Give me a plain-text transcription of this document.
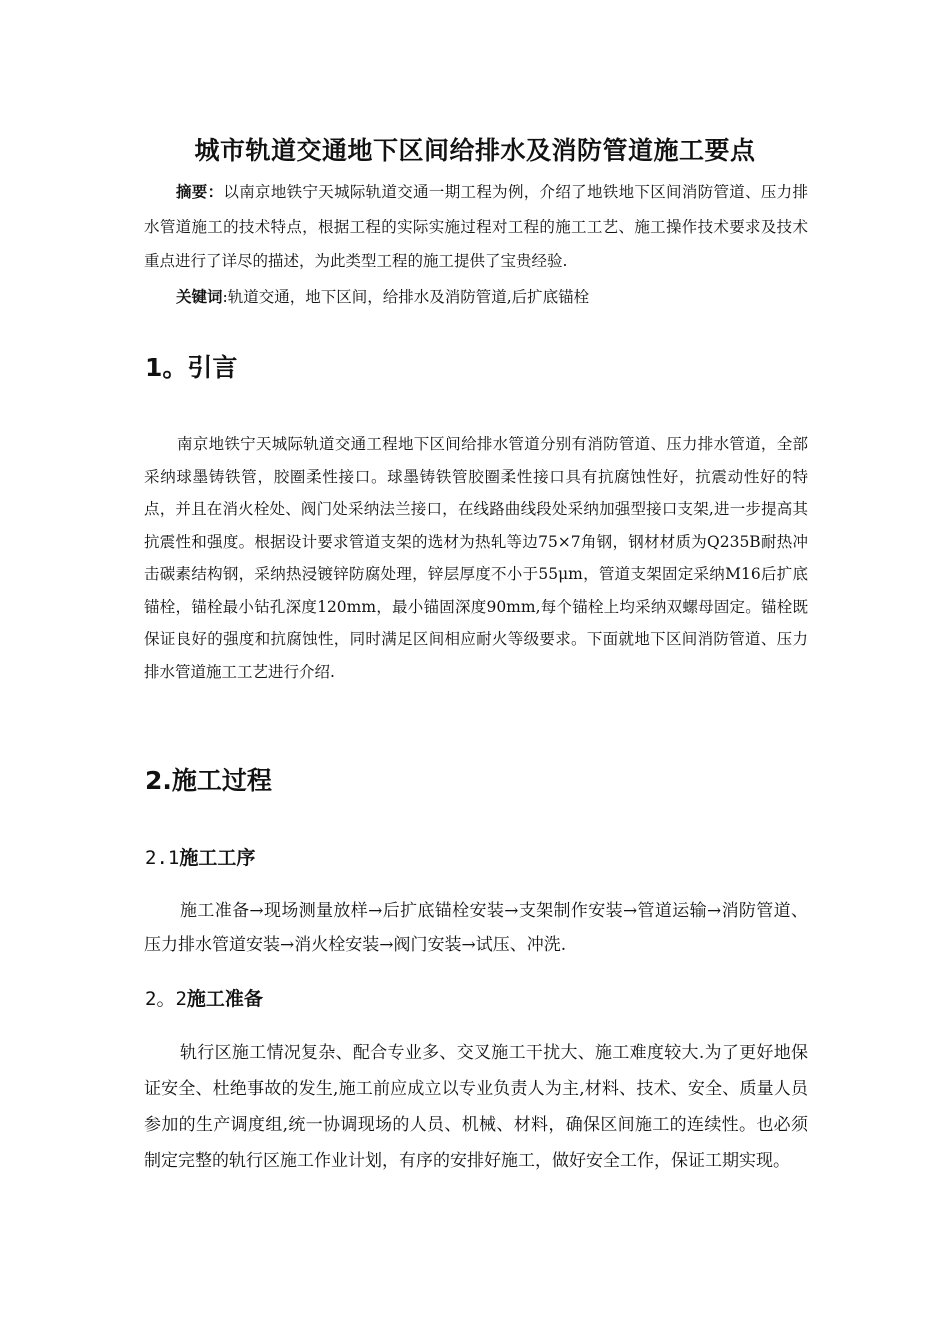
城市轨道交通地下区间给排水及消防管道施工要点

摘要：以南京地铁宁天城际轨道交通一期工程为例，介绍了地铁地下区间消防管道、压力排水管道施工的技术特点，根据工程的实际实施过程对工程的施工工艺、施工操作技术要求及技术重点进行了详尽的描述，为此类型工程的施工提供了宝贵经验.

关键词:轨道交通，地下区间，给排水及消防管道,后扩底锚栓

1。引言

南京地铁宁天城际轨道交通工程地下区间给排水管道分别有消防管道、压力排水管道，全部采纳球墨铸铁管，胶圈柔性接口。球墨铸铁管胶圈柔性接口具有抗腐蚀性好，抗震动性好的特点，并且在消火栓处、阀门处采纳法兰接口，在线路曲线段处采纳加强型接口支架,进一步提高其抗震性和强度。根据设计要求管道支架的选材为热轧等边75×7角钢，钢材材质为Q235B耐热冲击碳素结构钢，采纳热浸镀锌防腐处理，锌层厚度不小于55μm，管道支架固定采纳M16后扩底锚栓，锚栓最小钻孔深度120mm，最小锚固深度90mm,每个锚栓上均采纳双螺母固定。锚栓既保证良好的强度和抗腐蚀性，同时满足区间相应耐火等级要求。下面就地下区间消防管道、压力排水管道施工工艺进行介绍.

2.施工过程
2.1施工工序

施工准备→现场测量放样→后扩底锚栓安装→支架制作安装→管道运输→消防管道、压力排水管道安装→消火栓安装→阀门安装→试压、冲洗.

2。2施工准备

轨行区施工情况复杂、配合专业多、交叉施工干扰大、施工难度较大.为了更好地保证安全、杜绝事故的发生,施工前应成立以专业负责人为主,材料、技术、安全、质量人员参加的生产调度组,统一协调现场的人员、机械、材料，确保区间施工的连续性。也必须制定完整的轨行区施工作业计划，有序的安排好施工，做好安全工作，保证工期实现。
